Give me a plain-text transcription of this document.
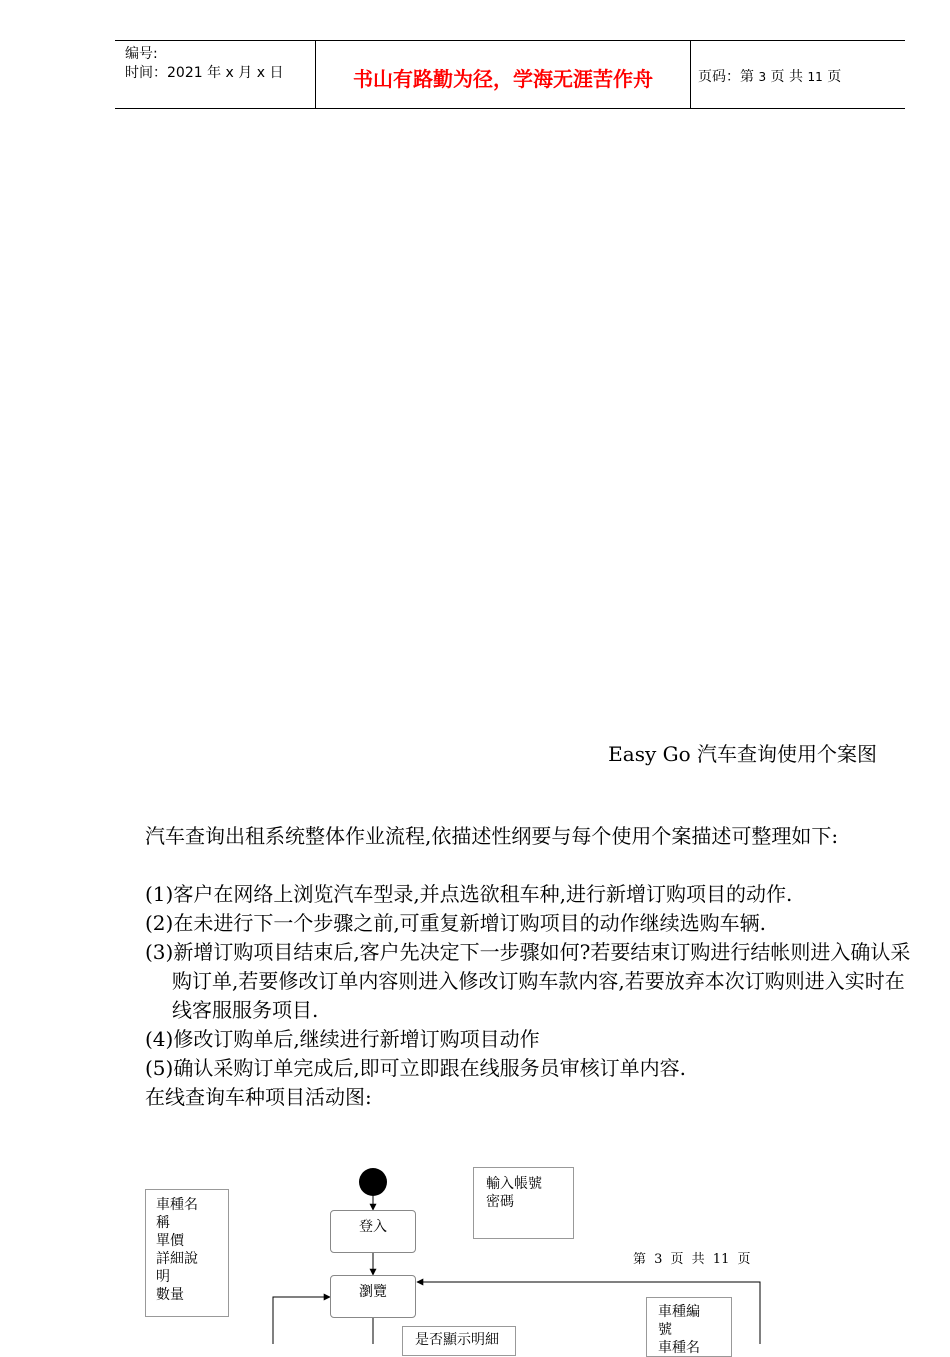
编号:
时间：2021 年 x 月 x 日	书山有路勤为径，学海无涯苦作舟	页码：第 3 页 共 11 页
Easy Go 汽车查询使用个案图
汽车查询出租系统整体作业流程,依描述性纲要与每个使用个案描述可整理如下:
(1)客户在网络上浏览汽车型录,并点选欲租车种,进行新增订购项目的动作.
(2)在未进行下一个步骤之前,可重复新增订购项目的动作继续选购车辆.
(3)新增订购项目结束后,客户先决定下一步骤如何?若要结束订购进行结帐则进入确认采购订单,若要修改订单内容则进入修改订购车款内容,若要放弃本次订购则进入实时在线客服服务项目.
(4)修改订购单后,继续进行新增订购项目动作
(5)确认采购订单完成后,即可立即跟在线服务员审核订单内容.
在线查询车种项目活动图:
車種名
稱
單價
詳細說
明
數量
輸入帳號
密碼
登入
瀏覽
是否顯示明細
車種編
號
車種名
第 3 页 共 11 页
